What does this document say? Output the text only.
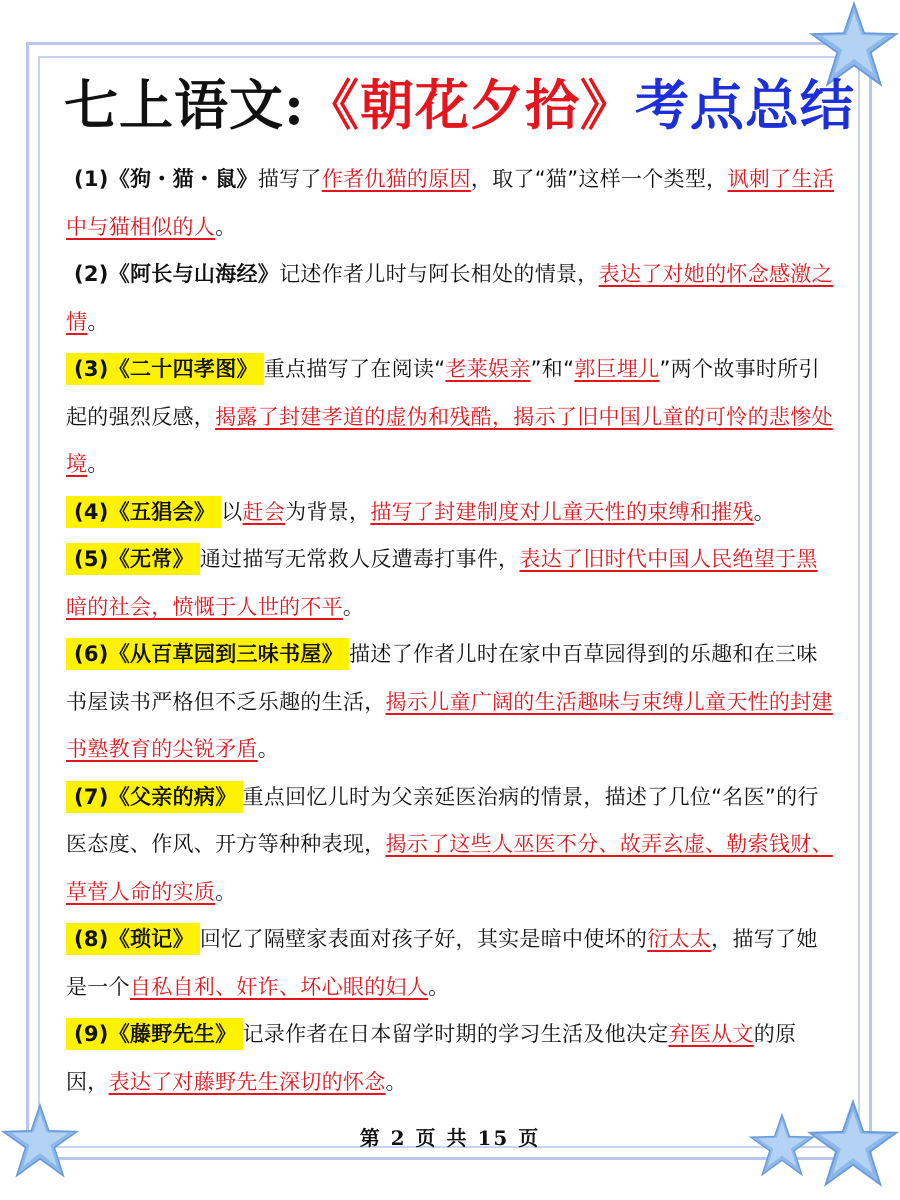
七上语文:《朝花夕拾》考点总结

(1)《狗・猫・鼠》描写了作者仇猫的原因，取了“猫”这样一个类型，讽刺了生活中与猫相似的人。

(2)《阿长与山海经》记述作者儿时与阿长相处的情景，表达了对她的怀念感激之情。

(3)《二十四孝图》 重点描写了在阅读“老莱娱亲”和“郭巨埋儿”两个故事时所引起的强烈反感，揭露了封建孝道的虚伪和残酷，揭示了旧中国儿童的可怜的悲惨处境。

(4)《五猖会》 以赶会为背景，描写了封建制度对儿童天性的束缚和摧残。

(5)《无常》 通过描写无常救人反遭毒打事件，表达了旧时代中国人民绝望于黑暗的社会，愤慨于人世的不平。

(6)《从百草园到三味书屋》 描述了作者儿时在家中百草园得到的乐趣和在三味书屋读书严格但不乏乐趣的生活，揭示儿童广阔的生活趣味与束缚儿童天性的封建书塾教育的尖锐矛盾。

(7)《父亲的病》 重点回忆儿时为父亲延医治病的情景，描述了几位“名医”的行医态度、作风、开方等种种表现，揭示了这些人巫医不分、故弄玄虚、勒索钱财、草菅人命的实质。

(8)《琐记》 回忆了隔壁家表面对孩子好，其实是暗中使坏的衍太太，描写了她是一个自私自利、奸诈、坏心眼的妇人。

(9)《藤野先生》 记录作者在日本留学时期的学习生活及他决定弃医从文的原因，表达了对藤野先生深切的怀念。

第 2 页 共 15 页
